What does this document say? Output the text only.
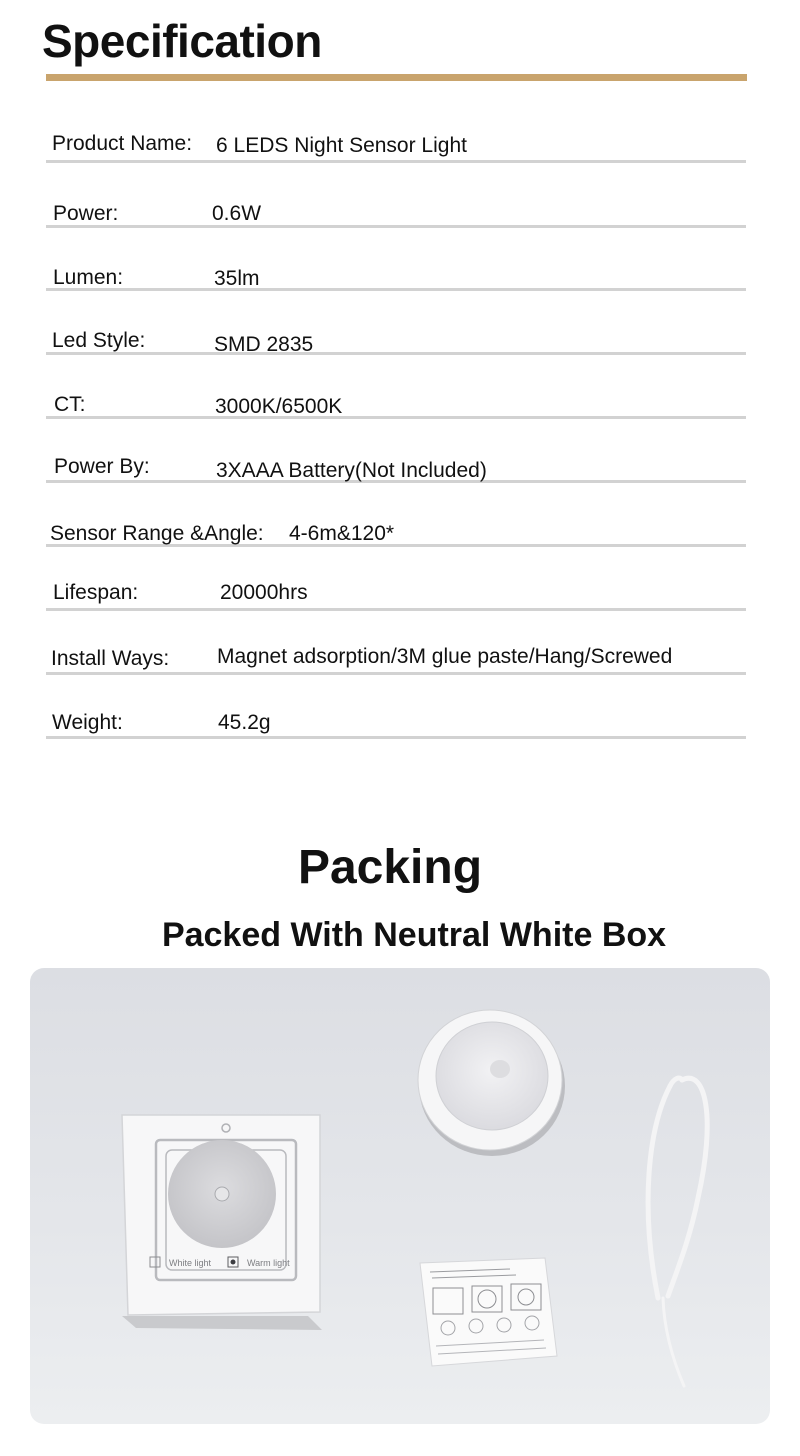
Specification
Product Name: 6 LEDS Night Sensor Light
Power:	0.6W
Lumen:	35lm
Led Style:	SMD 2835
CT:	3000K/6500K
Power By:	3XAAA Battery(Not Included)
Sensor Range &Angle: 4-6m&120*
Lifespan:	20000hrs
Install Ways: Magnet adsorption/3M glue paste/Hang/Screwed
Weight:	45.2g
Packing
Packed With Neutral White Box
White light	Warm light
